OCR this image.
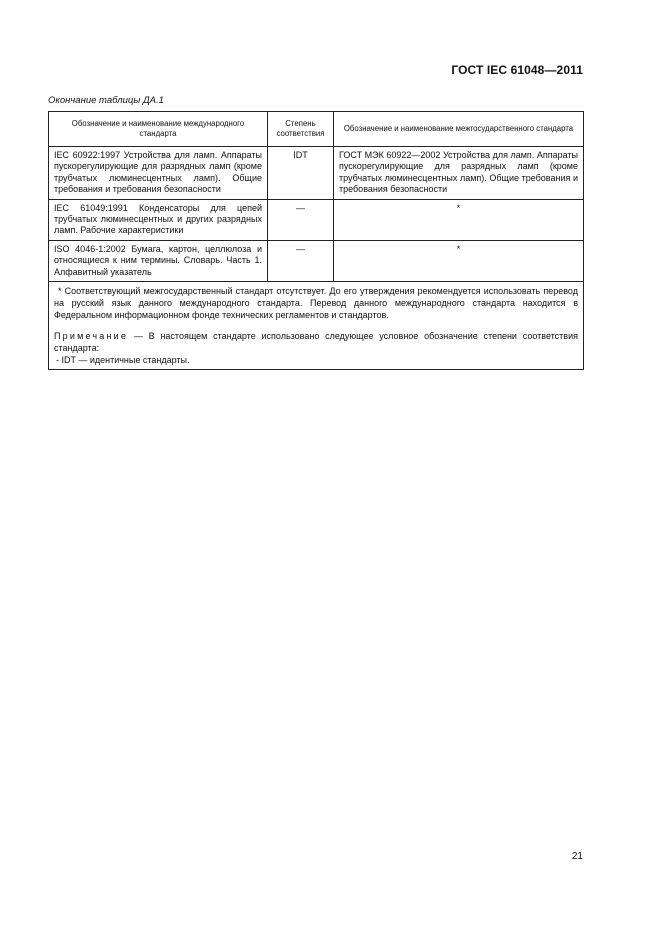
ГОСТ IEC 61048—2011
Окончание таблицы ДА.1
Обозначение и наименование международного стандарта	Степень соответствия	Обозначение и наименование межгосударственного стандарта
IEC 60922:1997 Устройства для ламп. Аппараты пускорегулирующие для разрядных ламп (кроме трубчатых люминесцентных ламп). Общие требования и требования безопасности	IDT	ГОСТ МЭК 60922—2002 Устройства для ламп. Аппараты пускорегулирующие для разрядных ламп (кроме трубчатых люминесцентных ламп). Общие требования и требования безопасности
IEC 61049:1991 Конденсаторы для цепей трубчатых люминесцентных и других разрядных ламп. Рабочие характеристики	—	*
ISO 4046-1:2002 Бумага, картон, целлюлоза и относящиеся к ним термины. Словарь. Часть 1. Алфавитный указатель	—	*

* Соответствующий межгосударственный стандарт отсутствует. До его утверждения рекомендуется использовать перевод на русский язык данного международного стандарта. Перевод данного международного стандарта находится в Федеральном информационном фонде технических регламентов и стандартов.

Примечание — В настоящем стандарте использовано следующее условное обозначение степени соответствия стандарта:

- IDT — идентичные стандарты.		

21
